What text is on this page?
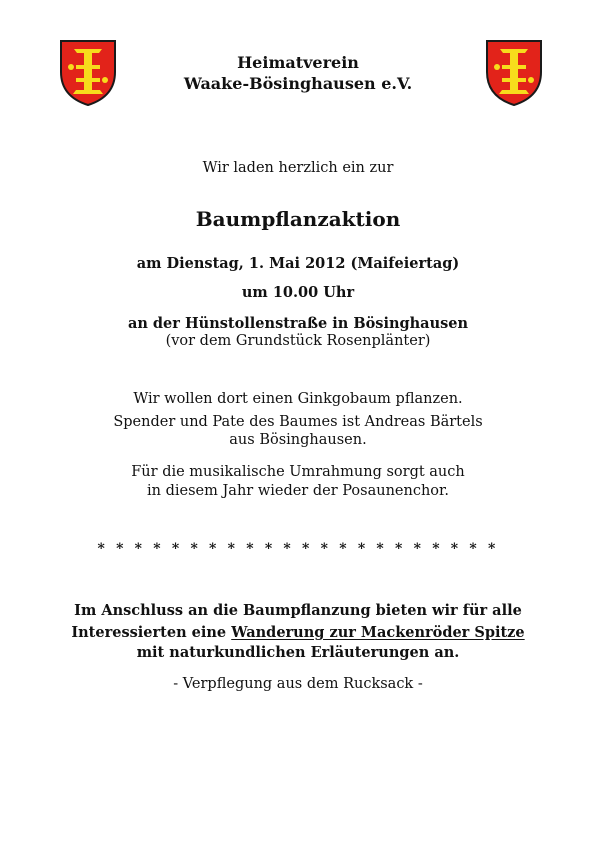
Heimatverein
Waake-Bösinghausen e.V.
Wir laden herzlich ein zur
Baumpflanzaktion
am Dienstag, 1. Mai 2012 (Maifeiertag)
um 10.00 Uhr
an der Hünstollenstraße in Bösinghausen
(vor dem Grundstück Rosenplänter)
Wir wollen dort einen Ginkgobaum pflanzen.
Spender und Pate des Baumes ist Andreas Bärtels
aus Bösinghausen.
Für die musikalische Umrahmung sorgt auch
in diesem Jahr wieder der Posaunenchor.
* * * * * * * * * * * * * * * * * * * * * *
Im Anschluss an die Baumpflanzung bieten wir für alle
Interessierten eine Wanderung zur Mackenröder Spitze
mit naturkundlichen Erläuterungen an.
- Verpflegung aus dem Rucksack -
